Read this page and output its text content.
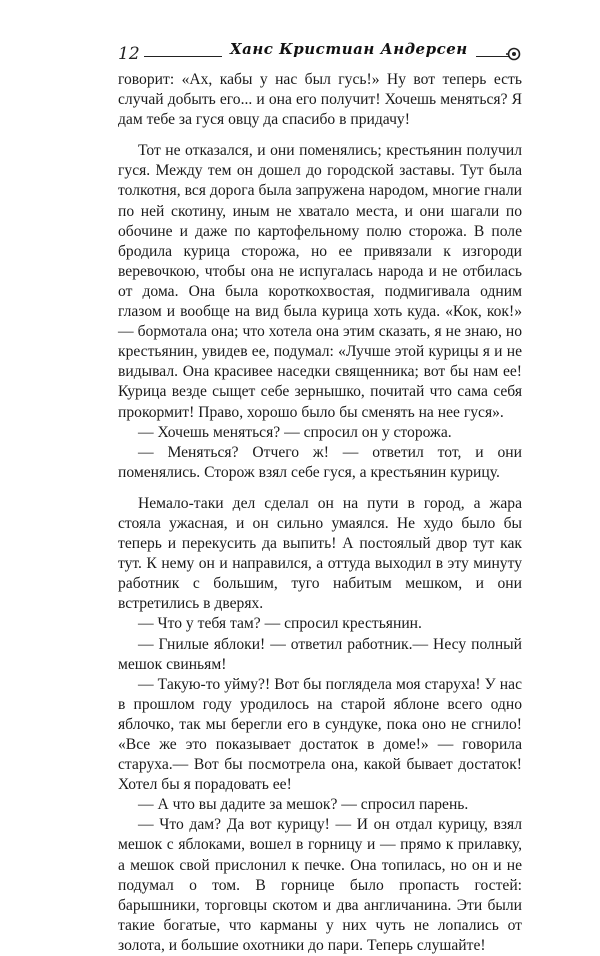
12	Ханс Кристиан Андерсен

говорит: «Ах, кабы у нас был гусь!» Ну вот теперь есть случай добыть его... и она его получит! Хочешь меняться? Я дам тебе за гуся овцу да спасибо в придачу!

Тот не отказался, и они поменялись; крестьянин получил гуся. Между тем он дошел до городской заставы. Тут была толкотня, вся дорога была запружена народом, многие гнали по ней скотину, иным не хватало места, и они шагали по обочине и даже по картофельному полю сторожа. В поле бродила курица сторожа, но ее привязали к изгороди веревочкою, чтобы она не испугалась народа и не отбилась от дома. Она была короткохвостая, подмигивала одним глазом и вообще на вид была курица хоть куда. «Кок, кок!» — бормотала она; что хотела она этим сказать, я не знаю, но крестьянин, увидев ее, подумал: «Лучше этой курицы я и не видывал. Она красивее наседки священника; вот бы нам ее! Курица везде сыщет себе зернышко, почитай что сама себя прокормит! Право, хорошо было бы сменять на нее гуся».

— Хочешь меняться? — спросил он у сторожа.

— Меняться? Отчего ж! — ответил тот, и они поменялись. Сторож взял себе гуся, а крестьянин курицу.

Немало-таки дел сделал он на пути в город, а жара стояла ужасная, и он сильно умаялся. Не худо было бы теперь и перекусить да выпить! А постоялый двор тут как тут. К нему он и направился, а оттуда выходил в эту минуту работник с большим, туго набитым мешком, и они встретились в дверях.

— Что у тебя там? — спросил крестьянин.

— Гнилые яблоки! — ответил работник.— Несу полный мешок свиньям!

— Такую-то уйму?! Вот бы поглядела моя старуха! У нас в прошлом году уродилось на старой яблоне всего одно яблочко, так мы берегли его в сундуке, пока оно не сгнило! «Все же это показывает достаток в доме!» — говорила старуха.— Вот бы посмотрела она, какой бывает достаток! Хотел бы я порадовать ее!

— А что вы дадите за мешок? — спросил парень.

— Что дам? Да вот курицу! — И он отдал курицу, взял мешок с яблоками, вошел в горницу и — прямо к прилавку, а мешок свой прислонил к печке. Она топилась, но он и не подумал о том. В горнице было пропасть гостей: барышники, торговцы скотом и два англичанина. Эти были такие богатые, что карманы у них чуть не лопались от золота, и большие охотники до пари. Теперь слушайте!
